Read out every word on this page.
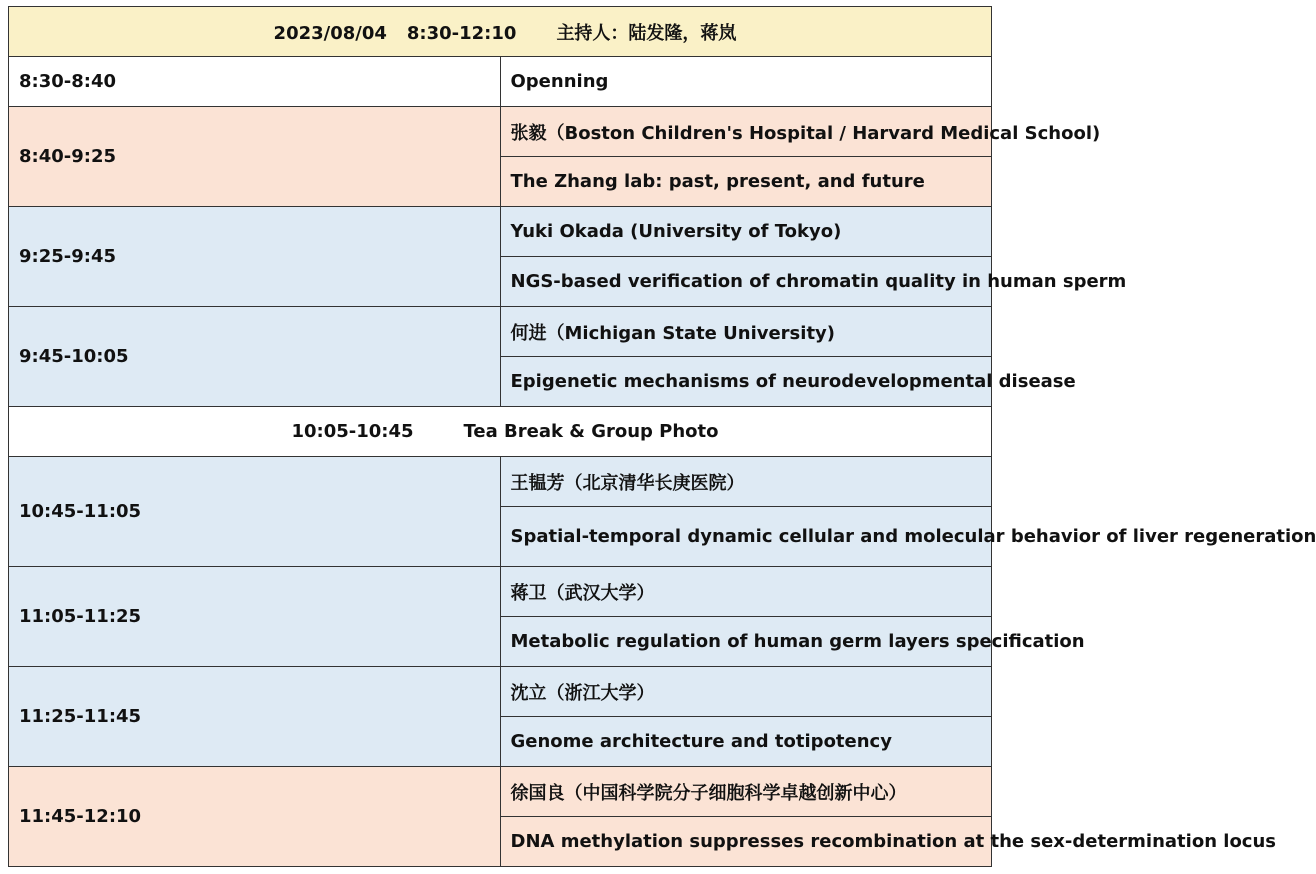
2023/08/04 8:30-12:10 主持人：陆发隆，蒋岚	
8:30-8:40	Openning
8:40-9:25	张毅（Boston Children's Hospital / Harvard Medical School)
	The Zhang lab: past, present, and future
9:25-9:45	Yuki Okada (University of Tokyo)
	NGS-based verification of chromatin quality in human sperm
9:45-10:05	何进（Michigan State University)
	Epigenetic mechanisms of neurodevelopmental disease
10:05-10:45 Tea Break & Group Photo	
10:45-11:05	王韫芳（北京清华长庚医院）
	Spatial-temporal dynamic cellular and molecular behavior of liver regeneration
11:05-11:25	蒋卫（武汉大学）
	Metabolic regulation of human germ layers specification
11:25-11:45	沈立（浙江大学）
	Genome architecture and totipotency
11:45-12:10	徐国良（中国科学院分子细胞科学卓越创新中心）
	DNA methylation suppresses recombination at the sex-determination locus
